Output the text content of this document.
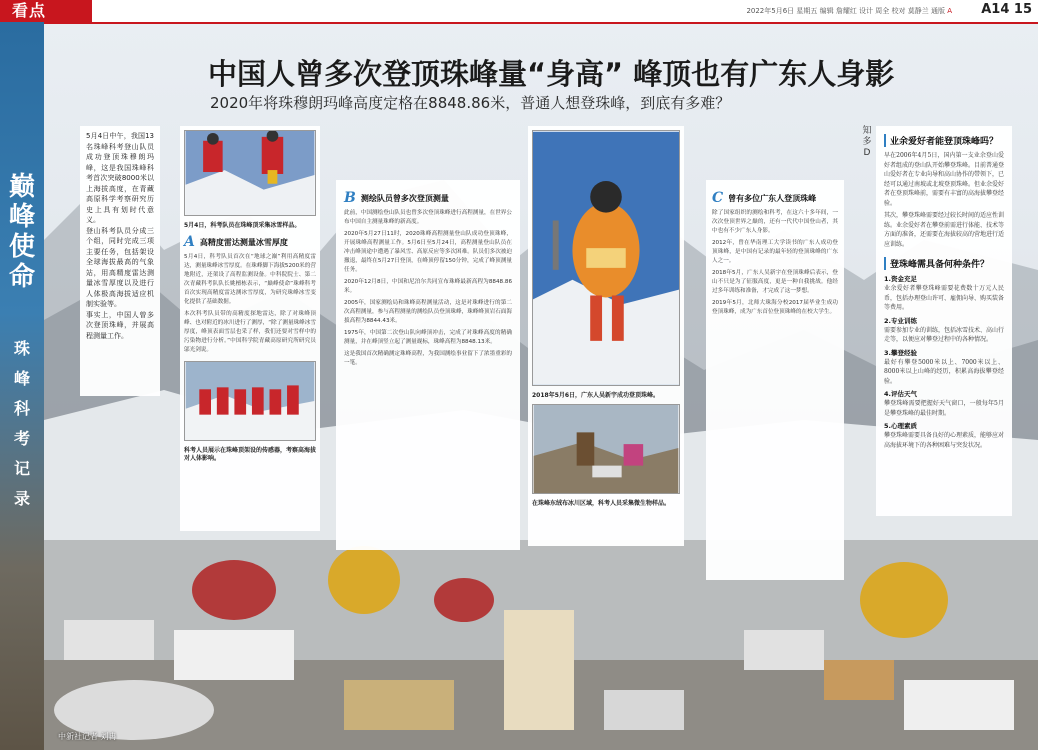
看点	2022年5月6日 星期五 编辑 詹耀红 设计 周全 校对 莫静兰 通版 A A14 15
巅峰使命
珠峰科考记录
中国人曾多次登顶珠峰量“身高” 峰顶也有广东人身影
2020年将珠穆朗玛峰高度定格在8848.86米，普通人想登珠峰，到底有多难？
5月4日中午，我国13名珠峰科考登山队员成功登顶珠穆朗玛峰，这是我国珠峰科考首次突破8000米以上海拔高度，在青藏高原科学考察研究历史上具有划时代意义。
登山科考队员分成三个组，同时完成三项主要任务，包括架设全球海拔最高的气象站，用高精度雷达测量冰雪厚度以及进行人体极高海拔适应机制实验等。
事实上，中国人曾多次登顶珠峰，并展高程测量工作。
5月4日，科考队员在珠峰顶采集冰雪样品。
A 高精度雷达测量冰雪厚度
5月4日，科考队员首次在“地球之巅”利用高精度雷达，测量珠峰冰雪厚度。在珠峰脚下海拔5200米的营地附近，还架设了高程监测设备。中科院院士、第二次青藏科考队队长姚檀栋表示，“巅峰使命”珠峰科考首次实现高精度雷达测冰雪厚度，为研究珠峰冰雪变化提供了基础数据。
本次科考队员带的高精度探地雷达，除了对珠峰顶峰、也对附近的冰川进行了测厚，“除了测量珠峰冰雪厚度，峰顶表面雪层也采了样，我们还要对雪样中的污染物进行分析。”中国科学院青藏高原研究所研究员邬光剑说。
科考人员展示在珠峰顶架设的传感器，考察高海拔对人体影响。
B 测绘队员曾多次登顶测量
此前，中国测绘登山队员也曾多次登顶珠峰进行高程测量，在世界公布中国自主测量珠峰的新高度。
2020年5月27日11时，2020珠峰高程测量登山队成功登顶珠峰，开展珠峰高程测量工作。5月6日至5月24日，高程测量登山队员在冲击峰顶途中遭遇了暴风雪、高原反应等多次困难。队员们多次被迫撤退，最终在5月27日登顶，在峰顶停留150分钟，完成了峰顶测量任务。
2020年12月8日，中国和尼泊尔共同宣布珠峰最新高程为8848.86米。
2005年，国家测绘局和珠峰高程测量活动，这是对珠峰进行的第二次高程测量，参与高程测量的测绘队员登顶珠峰，珠峰峰顶岩石面海拔高程为8844.43米。
1975年，中国第二次登山队向峰顶冲击，完成了对珠峰高度的精确测量，并在峰顶竖立起了测量觇标，珠峰高程为8848.13米。
这是我国首次精确测定珠峰高程，为我国测绘事业留下了浓墨重彩的一笔。
2018年5月6日，广东人吴新宇成功登顶珠峰。
在珠峰东绒布冰川区域，科考人员采集微生物样品。
C 曾有多位广东人登顶珠峰
除了国家组织的测绘和科考，在这六十多年间，一次次登顶世界之巅的，还有一代代中国登山者，其中也有不少广东人身影。
2012年，曾在华南理工大学读书的广东人成功登顶珠峰，是中国有记录的最年轻的登顶珠峰的广东人之一。
2018年5月，广东人吴新宇在登顶珠峰后表示，登山不只是为了征服高度，更是一种自我挑战。他经过多年训练和准备，才完成了这一梦想。
2019年5月，北师大珠海分校2017届毕业生成功登顶珠峰，成为广东首位登顶珠峰的在校大学生。
知多D
业余爱好者能登顶珠峰吗？
早在2006年4月5日，国内第一支业余登山爱好者组成的登山队开始攀登珠峰。目前普通登山爱好者在专业向导和高山协作的带领下，已经可以通过南坡或北坡登顶珠峰。但业余爱好者在登顶珠峰前，需要有丰富的高海拔攀登经验。
其次，攀登珠峰需要经过较长时间的适应性训练。业余爱好者在攀登前需进行体能、技术等方面的准备，还需要在海拔较高的营地进行适应训练。
登珠峰需具备何种条件？
1.资金充足
业余爱好者攀登珠峰需要花费数十万元人民币，包括办理登山许可、雇佣向导、购买装备等费用。
2.专业训练
需要参加专业的训练，包括冰雪技术、高山行走等，以便应对攀登过程中的各种情况。
3.攀登经验
最好有攀登5000米以上、7000米以上、8000米以上山峰的经历，积累高海拔攀登经验。
4.评估天气
攀登珠峰需要把握好天气窗口，一般每年5月是攀登珠峰的最佳时期。
5.心理素质
攀登珠峰需要具备良好的心理素质，能够应对高海拔环境下的各种困难与突发状况。
中新社记者 刘冉
